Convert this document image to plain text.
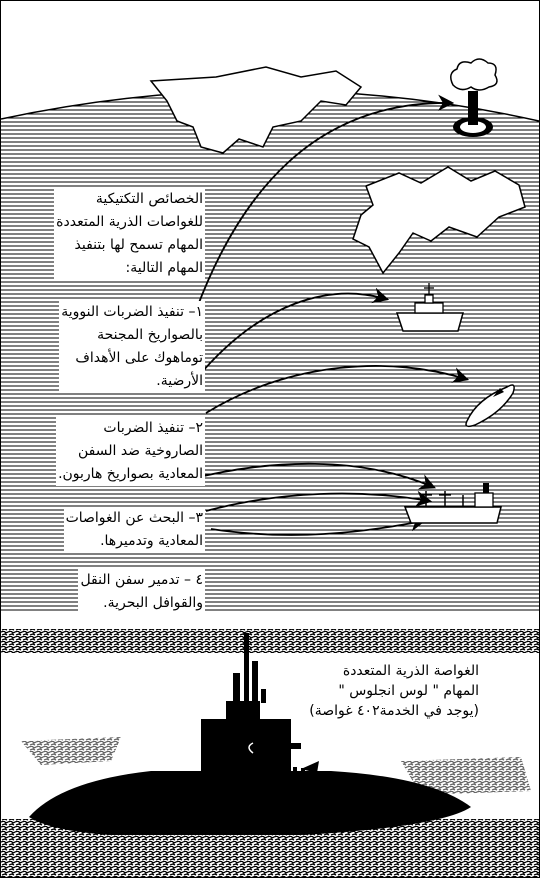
الخصائص التكتيكية
للغواصات الذرية المتعددة
المهام تسمح لها بتنفيذ
المهام التالية:
١– تنفيذ الضربات النووية
بالصواريخ المجنحة
توماهوك على الأهداف
الأرضية.
٢– تنفيذ الضربات
الصاروخية ضد السفن
المعادية بصواريخ هاربون.
٣– البحث عن الغواصات
المعادية وتدميرها.
٤ – تدمير سفن النقل
والقوافل البحرية.
الغواصة الذرية المتعددة
المهام " لوس انجلوس "
(يوجد في الخدمة٤٠٢ غواصة)
